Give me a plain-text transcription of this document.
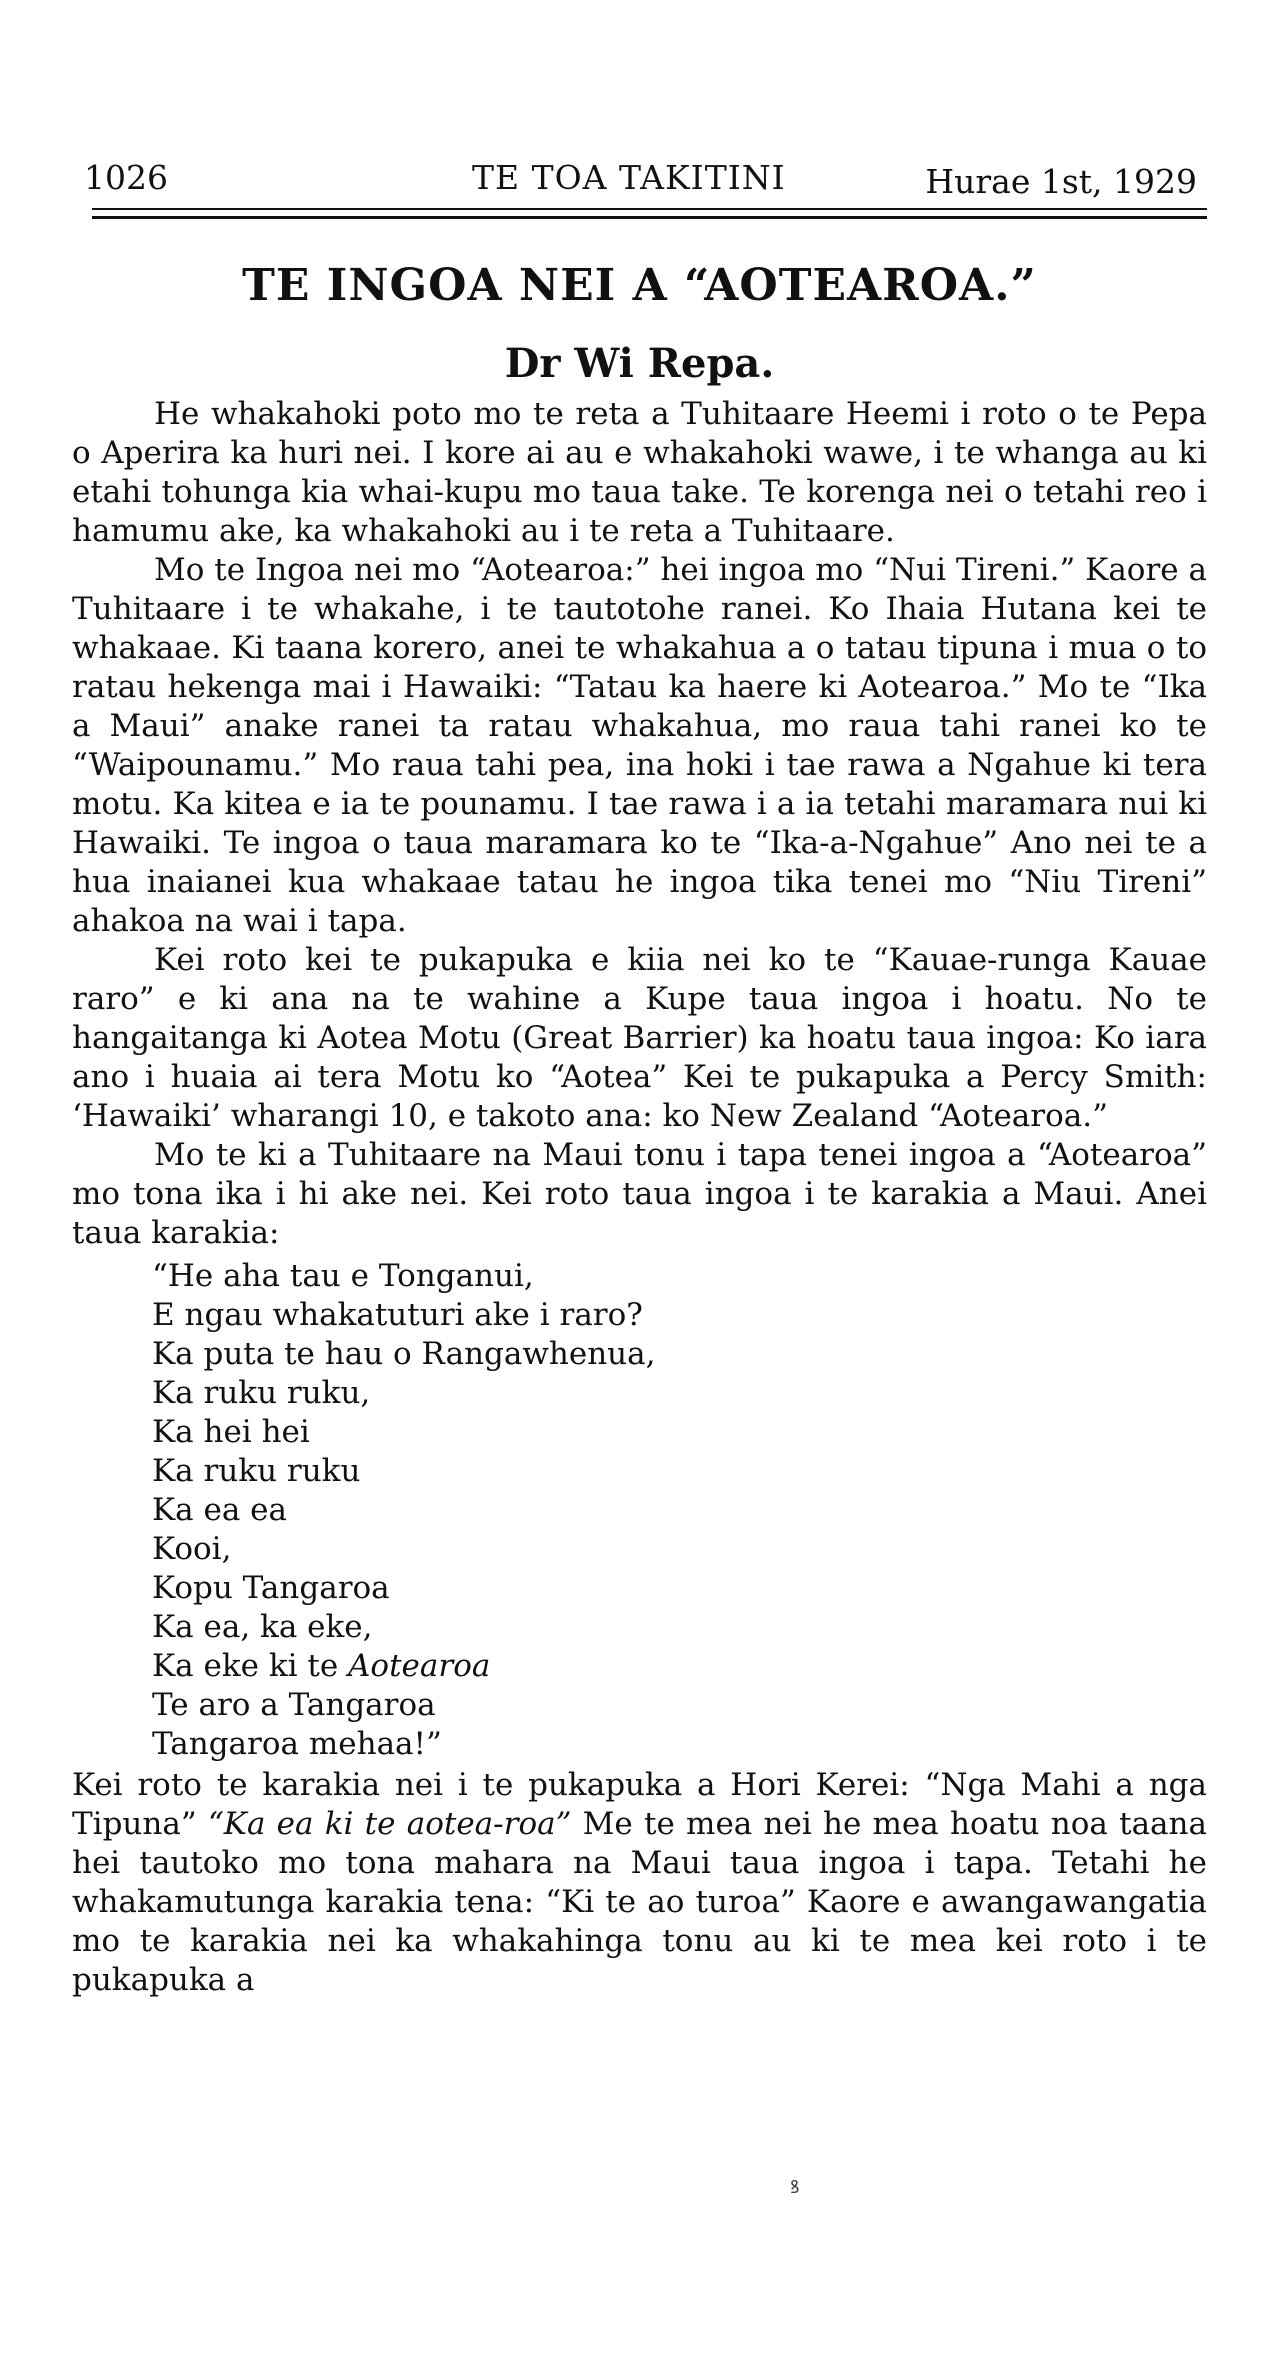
1026	TE TOA TAKITINI	Hurae 1st, 1929
TE INGOA NEI A “AOTEAROA.”
Dr Wi Repa.

He whakahoki poto mo te reta a Tuhitaare Heemi i roto o te Pepa o Aperira ka huri nei. I kore ai au e whakahoki wawe, i te whanga au ki etahi tohunga kia whai-kupu mo taua take. Te korenga nei o tetahi reo i hamumu ake, ka whakahoki au i te reta a Tuhitaare.

Mo te Ingoa nei mo “Aotearoa:” hei ingoa mo “Nui Tireni.” Kaore a Tuhitaare i te whakahe, i te tautotohe ranei. Ko Ihaia Hutana kei te whakaae. Ki taana korero, anei te whakahua a o tatau tipuna i mua o to ratau hekenga mai i Hawaiki: “Tatau ka haere ki Aotearoa.” Mo te “Ika a Maui” anake ranei ta ratau whakahua, mo raua tahi ranei ko te “Waipounamu.” Mo raua tahi pea, ina hoki i tae rawa a Ngahue ki tera motu. Ka kitea e ia te pounamu. I tae rawa i a ia tetahi maramara nui ki Hawaiki. Te ingoa o taua maramara ko te “Ika-a-Ngahue” Ano nei te a hua inaianei kua whakaae tatau he ingoa tika tenei mo “Niu Tireni” ahakoa na wai i tapa.

Kei roto kei te pukapuka e kiia nei ko te “Kauae-runga Kauae raro” e ki ana na te wahine a Kupe taua ingoa i hoatu. No te hangaitanga ki Aotea Motu (Great Barrier) ka hoatu taua ingoa: Ko iara ano i huaia ai tera Motu ko “Aotea” Kei te pukapuka a Percy Smith: ‘Hawaiki’ wharangi 10, e takoto ana: ko New Zealand “Aotearoa.”

Mo te ki a Tuhitaare na Maui tonu i tapa tenei ingoa a “Aotearoa” mo tona ika i hi ake nei. Kei roto taua ingoa i te karakia a Maui. Anei taua karakia:

“He aha tau e Tonganui,
E ngau whakatuturi ake i raro?
Ka puta te hau o Rangawhenua,
Ka ruku ruku,
Ka hei hei
Ka ruku ruku
Ka ea ea
Kooi,
Kopu Tangaroa
Ka ea, ka eke,
Ka eke ki te Aotearoa
Te aro a Tangaroa
Tangaroa mehaa!”

Kei roto te karakia nei i te pukapuka a Hori Kerei: “Nga Mahi a nga Tipuna” “Ka ea ki te aotea-roa” Me te mea nei he mea hoatu noa taana hei tautoko mo tona mahara na Maui taua ingoa i tapa. Tetahi he whakamutunga karakia tena: “Ki te ao turoa” Kaore e awangawangatia mo te karakia nei ka whakahinga tonu au ki te mea kei roto i te pukapuka a

ꝸ
